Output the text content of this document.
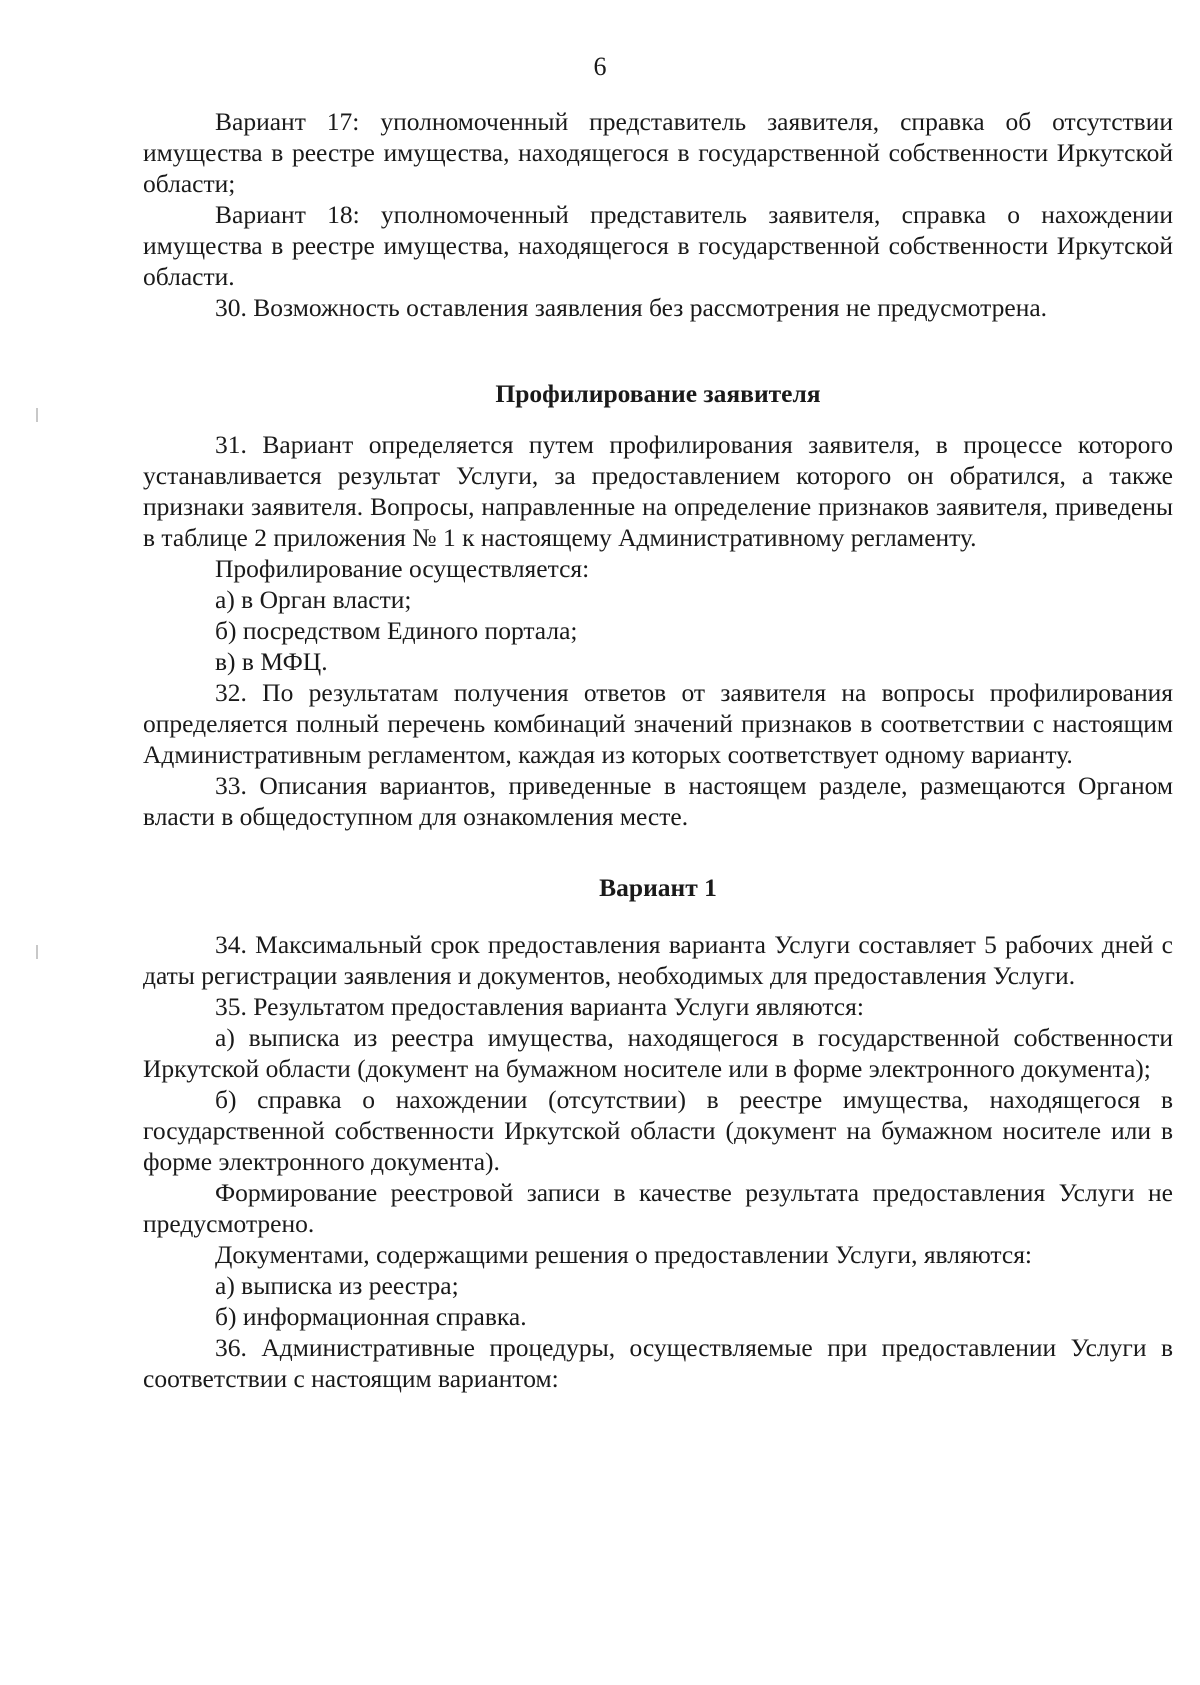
6

Вариант 17: уполномоченный представитель заявителя, справка об отсутствии имущества в реестре имущества, находящегося в государственной собственности Иркутской области;

Вариант 18: уполномоченный представитель заявителя, справка о нахождении имущества в реестре имущества, находящегося в государственной собственности Иркутской области.

30. Возможность оставления заявления без рассмотрения не предусмотрена.

Профилирование заявителя

31. Вариант определяется путем профилирования заявителя, в процессе которого устанавливается результат Услуги, за предоставлением которого он обратился, а также признаки заявителя. Вопросы, направленные на определение признаков заявителя, приведены в таблице 2 приложения № 1 к настоящему Административному регламенту.

Профилирование осуществляется:

а) в Орган власти;

б) посредством Единого портала;

в) в МФЦ.

32. По результатам получения ответов от заявителя на вопросы профилирования определяется полный перечень комбинаций значений признаков в соответствии с настоящим Административным регламентом, каждая из которых соответствует одному варианту.

33. Описания вариантов, приведенные в настоящем разделе, размещаются Органом власти в общедоступном для ознакомления месте.

Вариант 1

34. Максимальный срок предоставления варианта Услуги составляет 5 рабочих дней с даты регистрации заявления и документов, необходимых для предоставления Услуги.

35. Результатом предоставления варианта Услуги являются:

а) выписка из реестра имущества, находящегося в государственной собственности Иркутской области (документ на бумажном носителе или в форме электронного документа);

б) справка о нахождении (отсутствии) в реестре имущества, находящегося в государственной собственности Иркутской области (документ на бумажном носителе или в форме электронного документа).

Формирование реестровой записи в качестве результата предоставления Услуги не предусмотрено.

Документами, содержащими решения о предоставлении Услуги, являются:

а) выписка из реестра;

б) информационная справка.

36. Административные процедуры, осуществляемые при предоставлении Услуги в соответствии с настоящим вариантом:
